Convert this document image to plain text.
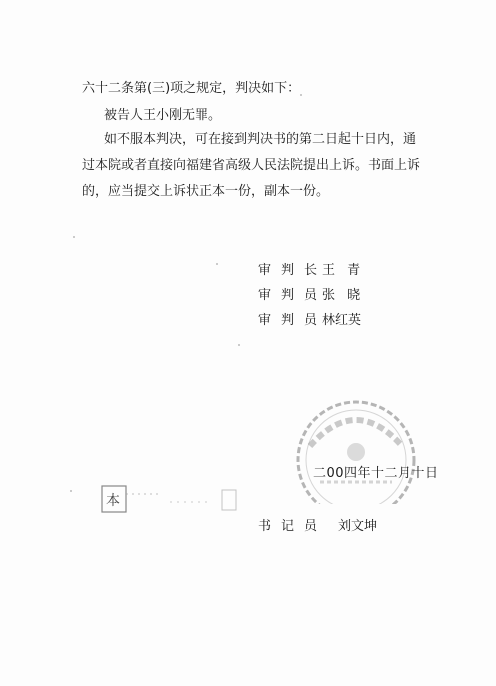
六十二条第(三)项之规定，判决如下：
被告人王小刚无罪。
如不服本判决，可在接到判决书的第二日起十日内，通
过本院或者直接向福建省高级人民法院提出上诉。书面上诉
的，应当提交上诉状正本一份，副本一份。
审判长王 青
审判员张 晓
审判员林红英
二00四年十二月十日
本
书记员 刘文坤
